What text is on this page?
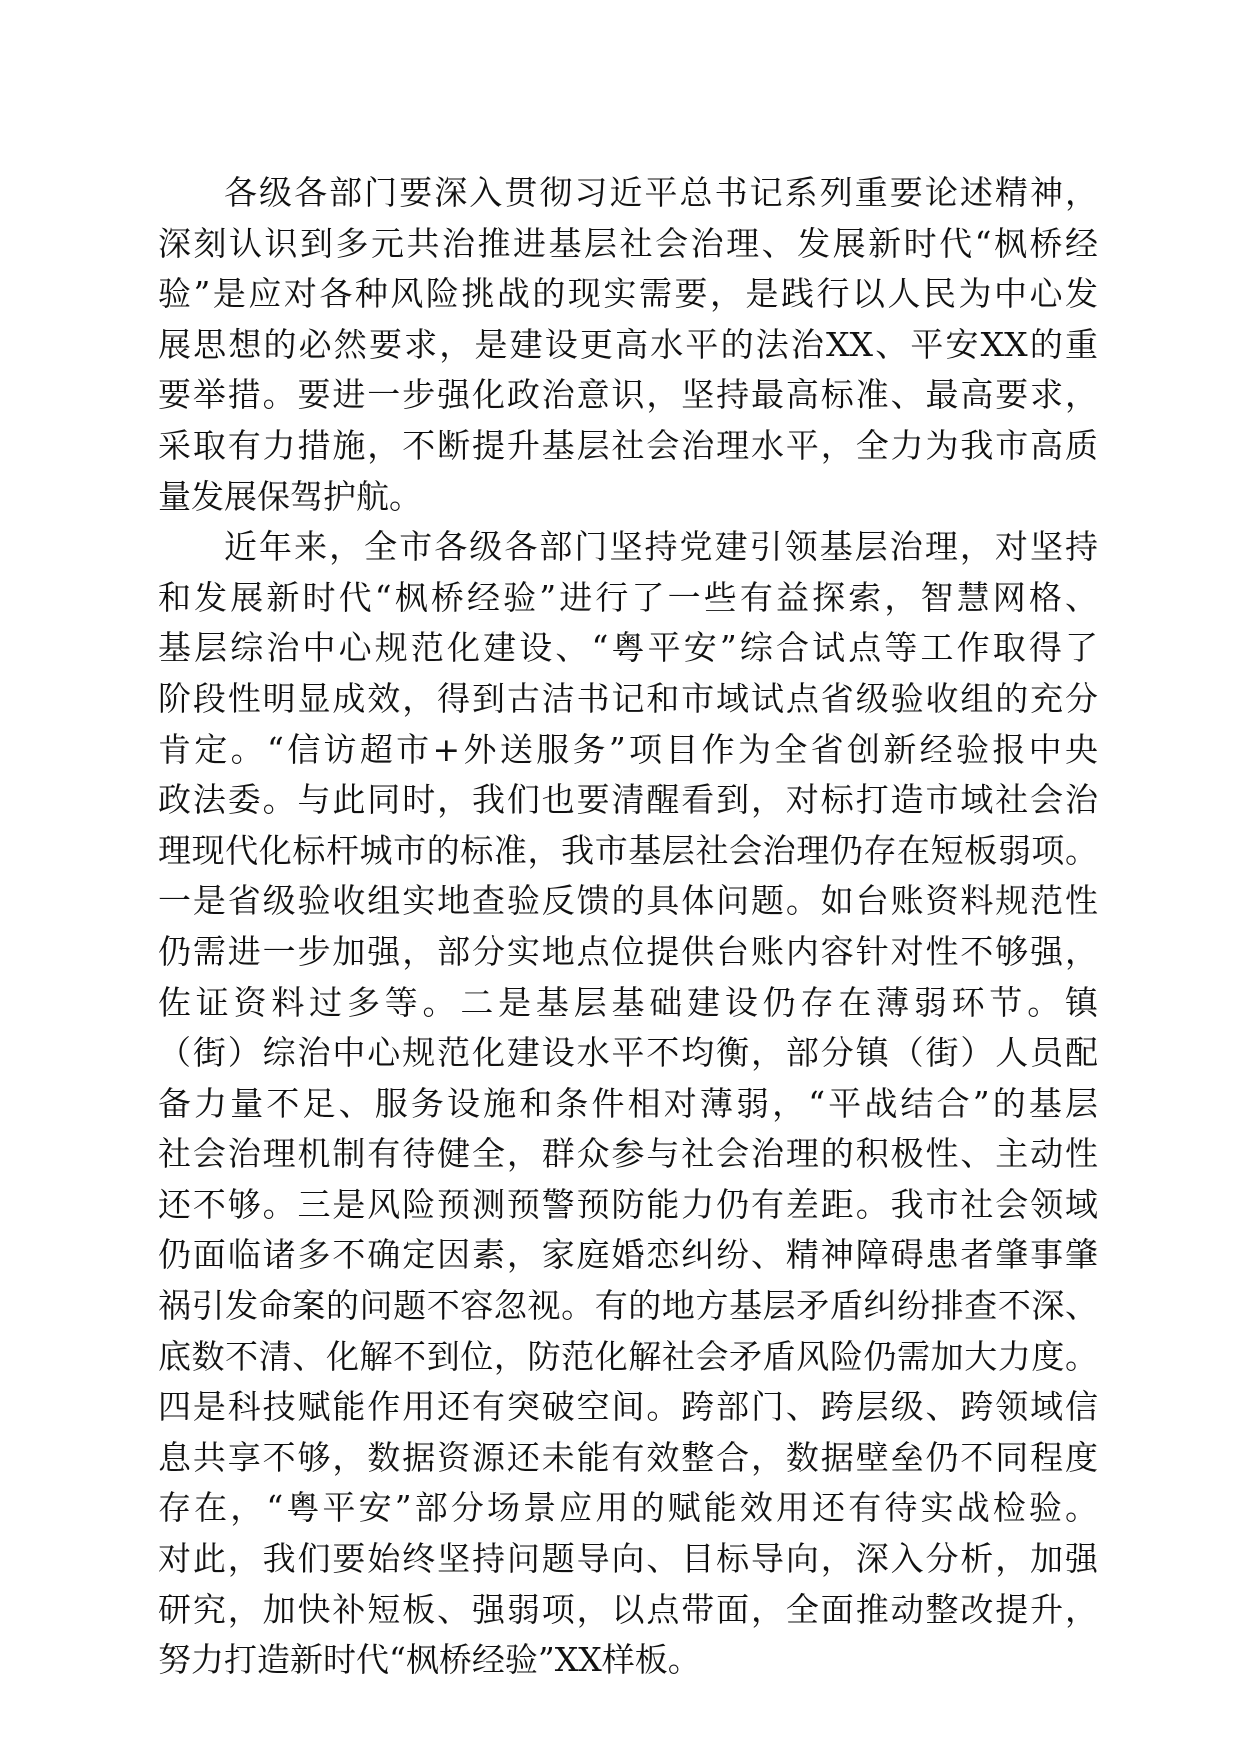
各级各部门要深入贯彻习近平总书记系列重要论述精神，
深刻认识到多元共治推进基层社会治理、发展新时代“枫桥经
验”是应对各种风险挑战的现实需要，是践行以人民为中心发
展思想的必然要求，是建设更高水平的法治XX、平安XX的重
要举措。要进一步强化政治意识，坚持最高标准、最高要求，
采取有力措施，不断提升基层社会治理水平，全力为我市高质
量发展保驾护航。
近年来，全市各级各部门坚持党建引领基层治理，对坚持
和发展新时代“枫桥经验”进行了一些有益探索，智慧网格、
基层综治中心规范化建设、“粤平安”综合试点等工作取得了
阶段性明显成效，得到古洁书记和市域试点省级验收组的充分
肯定。“信访超市+外送服务”项目作为全省创新经验报中央
政法委。与此同时，我们也要清醒看到，对标打造市域社会治
理现代化标杆城市的标准，我市基层社会治理仍存在短板弱项。
一是省级验收组实地查验反馈的具体问题。如台账资料规范性
仍需进一步加强，部分实地点位提供台账内容针对性不够强，
佐证资料过多等。二是基层基础建设仍存在薄弱环节。镇
（街）综治中心规范化建设水平不均衡，部分镇（街）人员配
备力量不足、服务设施和条件相对薄弱，“平战结合”的基层
社会治理机制有待健全，群众参与社会治理的积极性、主动性
还不够。三是风险预测预警预防能力仍有差距。我市社会领域
仍面临诸多不确定因素，家庭婚恋纠纷、精神障碍患者肇事肇
祸引发命案的问题不容忽视。有的地方基层矛盾纠纷排查不深、
底数不清、化解不到位，防范化解社会矛盾风险仍需加大力度。
四是科技赋能作用还有突破空间。跨部门、跨层级、跨领域信
息共享不够，数据资源还未能有效整合，数据壁垒仍不同程度
存在，“粤平安”部分场景应用的赋能效用还有待实战检验。
对此，我们要始终坚持问题导向、目标导向，深入分析，加强
研究，加快补短板、强弱项，以点带面，全面推动整改提升，
努力打造新时代“枫桥经验”XX样板。
